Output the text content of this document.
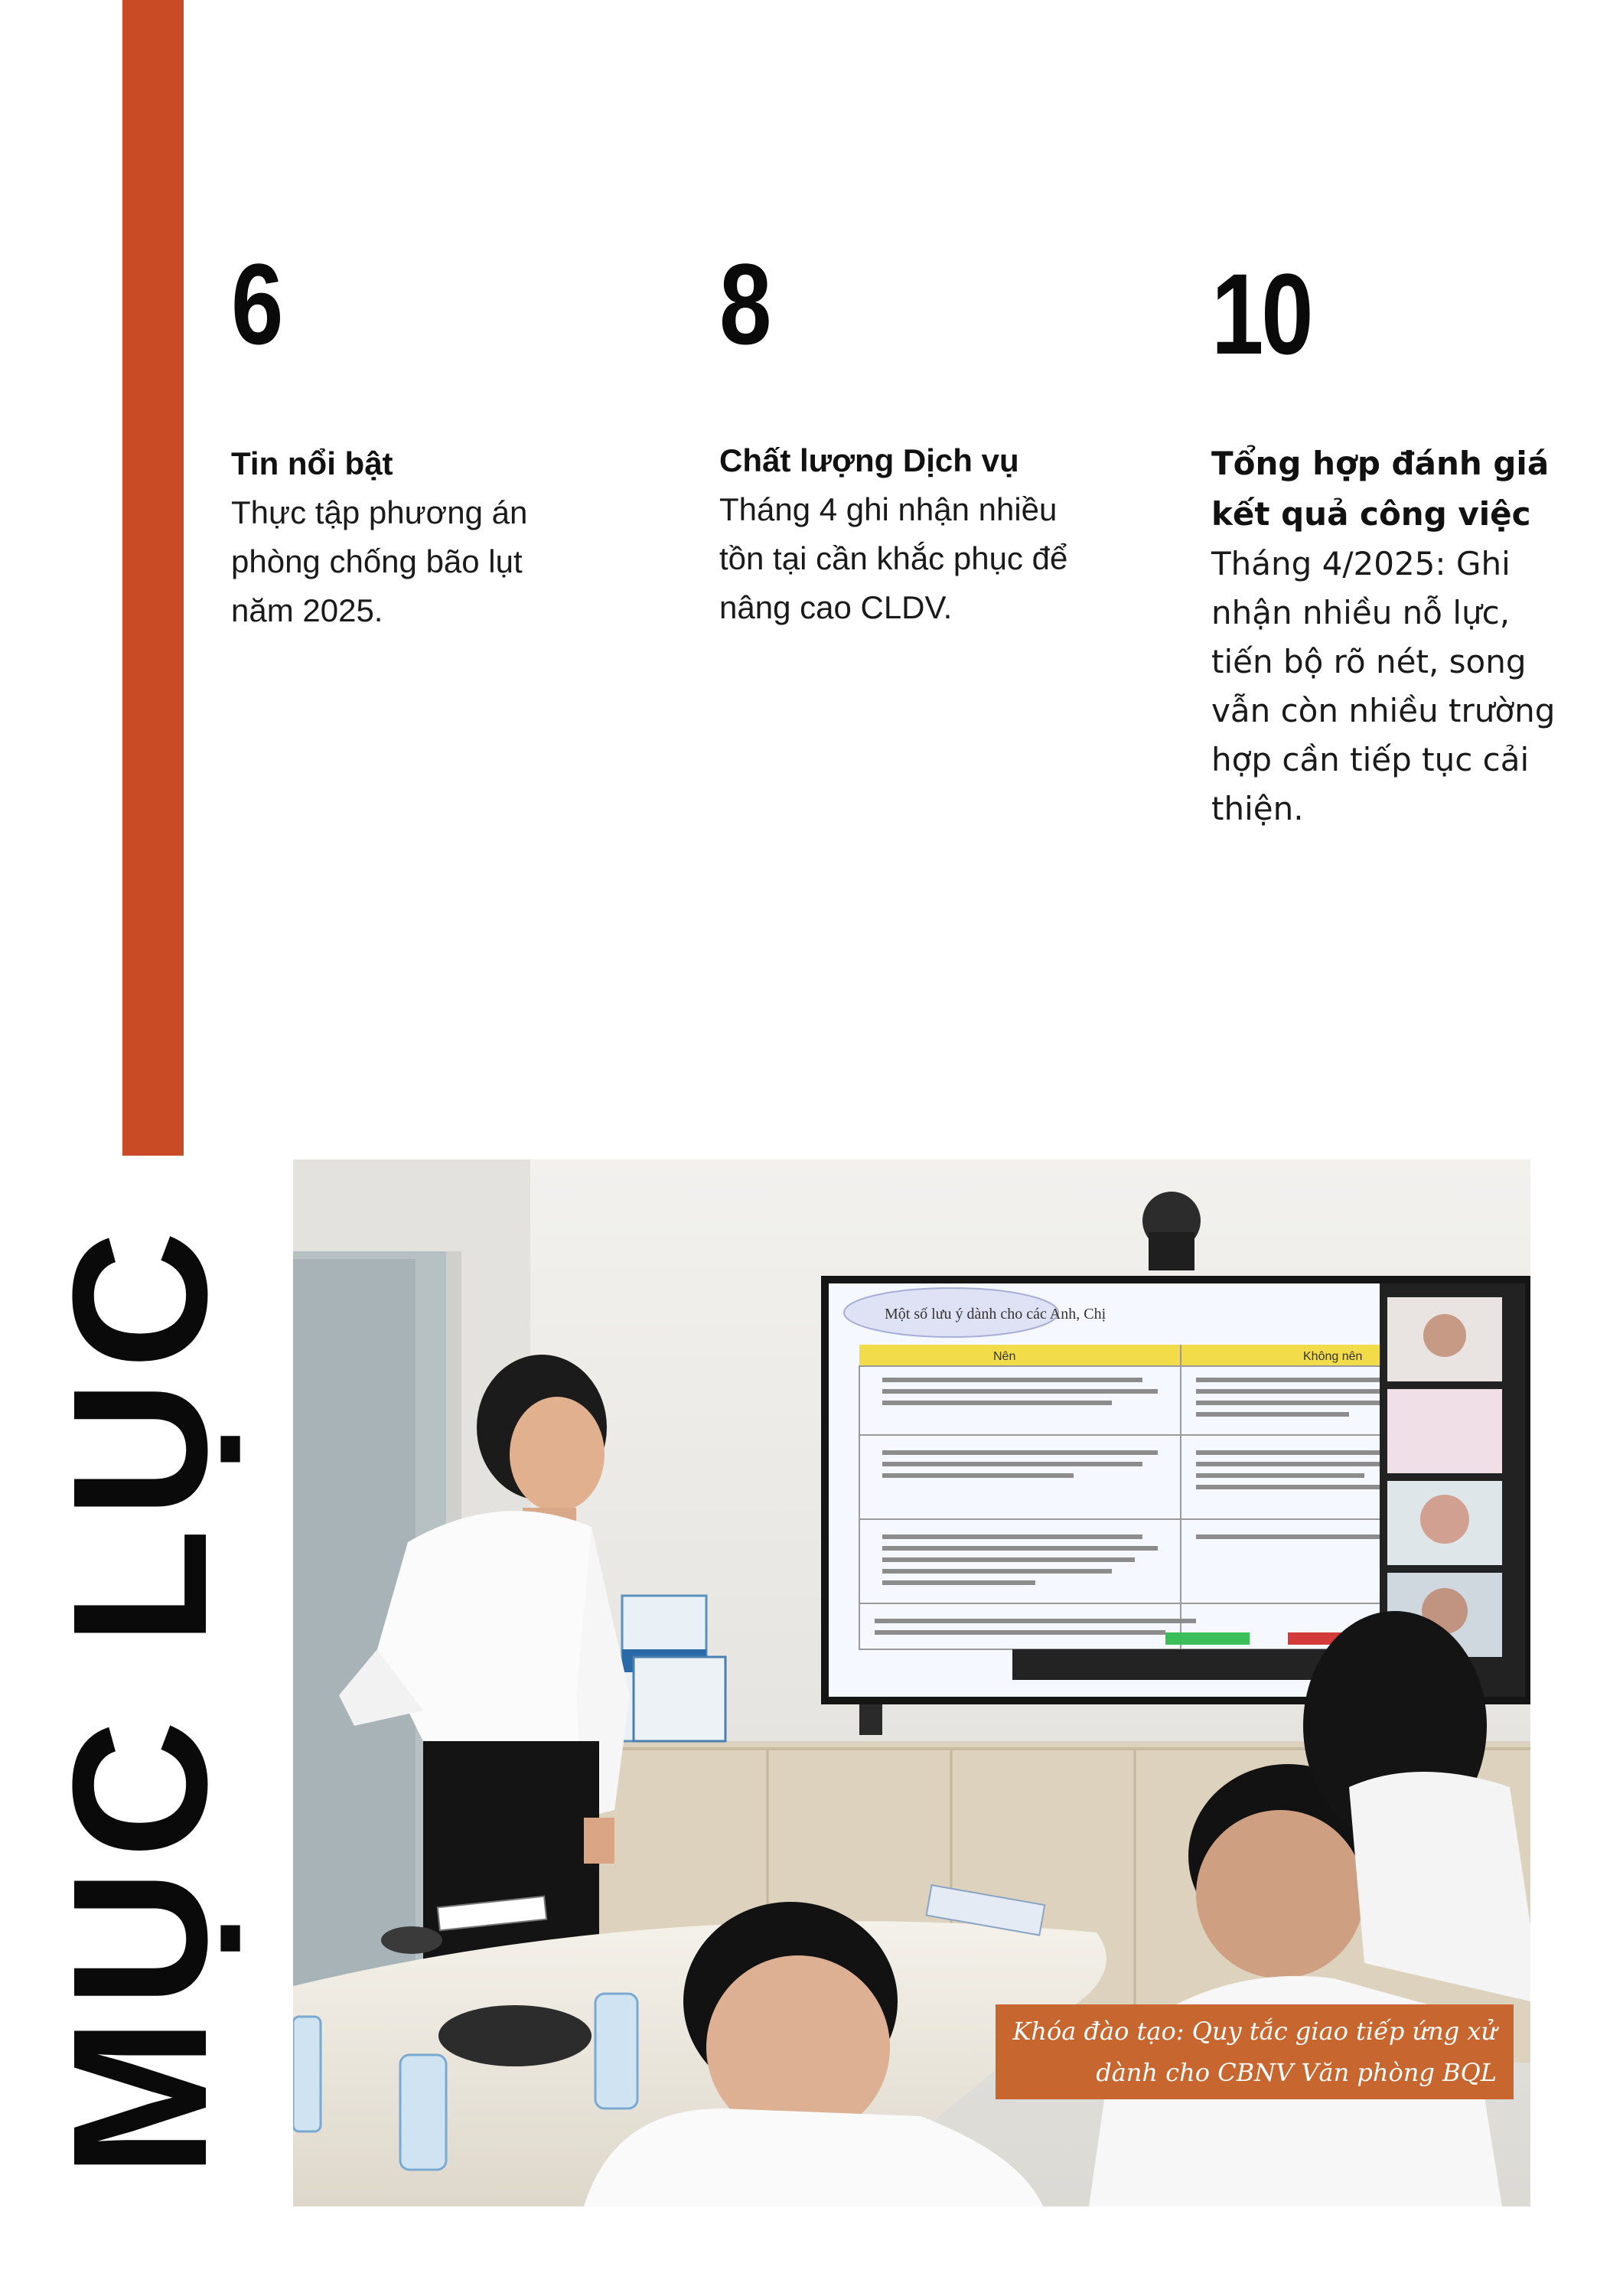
MỤC LỤC
6
Tin nổi bật
Thực tập phương án
phòng chống bão lụt
năm 2025.
8
Chất lượng Dịch vụ
Tháng 4 ghi nhận nhiều
tồn tại cần khắc phục để
nâng cao CLDV.
10
Tổng hợp đánh giá
kết quả công việc
Tháng 4/2025: Ghi
nhận nhiều nỗ lực,
tiến bộ rõ nét, song
vẫn còn nhiều trường
hợp cần tiếp tục cải
thiện.
Một số lưu ý dành cho các Anh, Chị
Nên	Không nên
Khóa đào tạo: Quy tắc giao tiếp ứng xử
dành cho CBNV Văn phòng BQL
